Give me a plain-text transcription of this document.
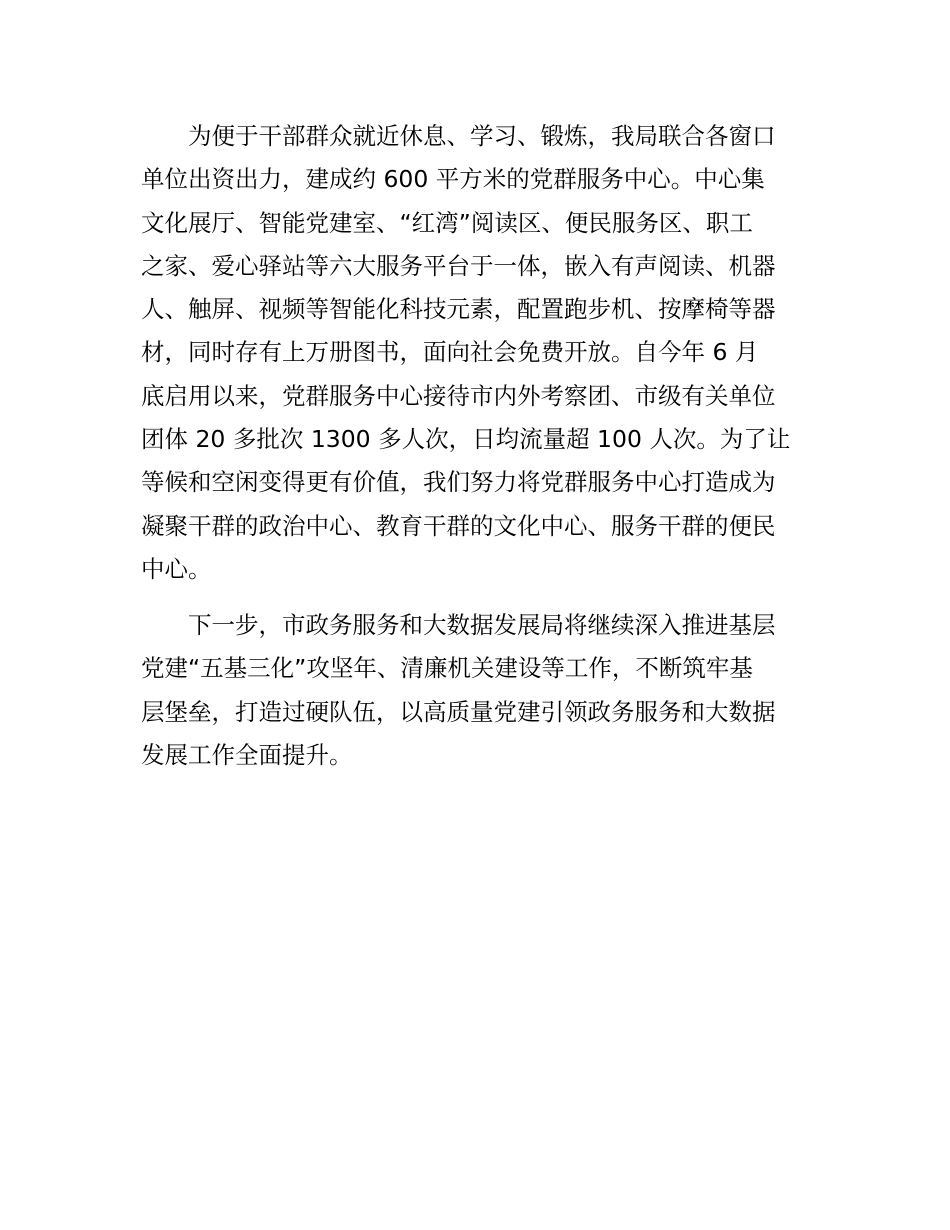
　　为便于干部群众就近休息、学习、锻炼，我局联合各窗口
单位出资出力，建成约 600 平方米的党群服务中心。中心集
文化展厅、智能党建室、“红湾”阅读区、便民服务区、职工
之家、爱心驿站等六大服务平台于一体，嵌入有声阅读、机器
人、触屏、视频等智能化科技元素，配置跑步机、按摩椅等器
材，同时存有上万册图书，面向社会免费开放。自今年 6 月
底启用以来，党群服务中心接待市内外考察团、市级有关单位
团体 20 多批次 1300 多人次，日均流量超 100 人次。为了让
等候和空闲变得更有价值，我们努力将党群服务中心打造成为
凝聚干群的政治中心、教育干群的文化中心、服务干群的便民
中心。
　　下一步，市政务服务和大数据发展局将继续深入推进基层
党建“五基三化”攻坚年、清廉机关建设等工作，不断筑牢基
层堡垒，打造过硬队伍，以高质量党建引领政务服务和大数据
发展工作全面提升。
